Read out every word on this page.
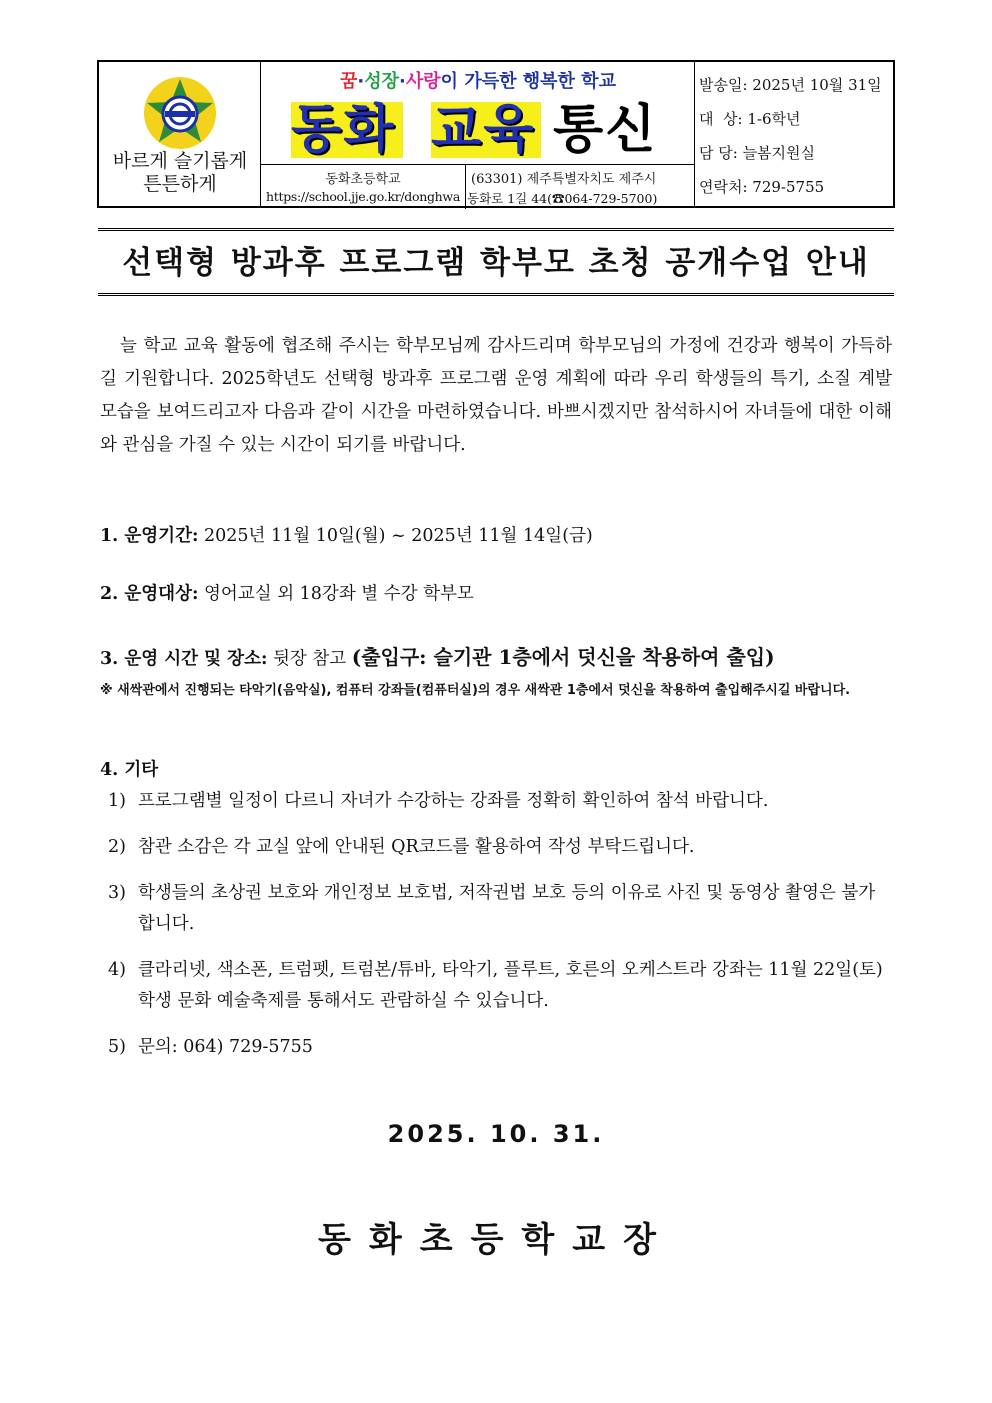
바르게 슬기롭게
튼튼하게
꿈·성장·사랑이 가득한 행복한 학교
동화 교육 통신
동화초등학교
https://school.jje.go.kr/donghwa
(63301) 제주특별자치도 제주시
동화로 1길 44(☎064-729-5700)
발송일: 2025년 10월 31일
대  상: 1-6학년
담 당: 늘봄지원실
연락처: 729-5755
선택형 방과후 프로그램 학부모 초청 공개수업 안내
늘 학교 교육 활동에 협조해 주시는 학부모님께 감사드리며 학부모님의 가정에 건강과 행복이 가득하길 기원합니다. 2025학년도 선택형 방과후 프로그램 운영 계획에 따라 우리 학생들의 특기, 소질 계발 모습을 보여드리고자 다음과 같이 시간을 마련하였습니다. 바쁘시겠지만 참석하시어 자녀들에 대한 이해와 관심을 가질 수 있는 시간이 되기를 바랍니다.
1. 운영기간: 2025년 11월 10일(월) ~ 2025년 11월 14일(금)
2. 운영대상: 영어교실 외 18강좌 별 수강 학부모
3. 운영 시간 및 장소: 뒷장 참고 (출입구: 슬기관 1층에서 덧신을 착용하여 출입)
※ 새싹관에서 진행되는 타악기(음악실), 컴퓨터 강좌들(컴퓨터실)의 경우 새싹관 1층에서 덧신을 착용하여 출입해주시길 바랍니다.
4. 기타
1) 프로그램별 일정이 다르니 자녀가 수강하는 강좌를 정확히 확인하여 참석 바랍니다.
2) 참관 소감은 각 교실 앞에 안내된 QR코드를 활용하여 작성 부탁드립니다.
3) 학생들의 초상권 보호와 개인정보 보호법, 저작권법 보호 등의 이유로 사진 및 동영상 촬영은 불가합니다.
4) 클라리넷, 색소폰, 트럼펫, 트럼본/튜바, 타악기, 플루트, 호른의 오케스트라 강좌는 11월 22일(토) 학생 문화 예술축제를 통해서도 관람하실 수 있습니다.
5) 문의: 064) 729-5755
2025. 10. 31.
동화초등학교장
